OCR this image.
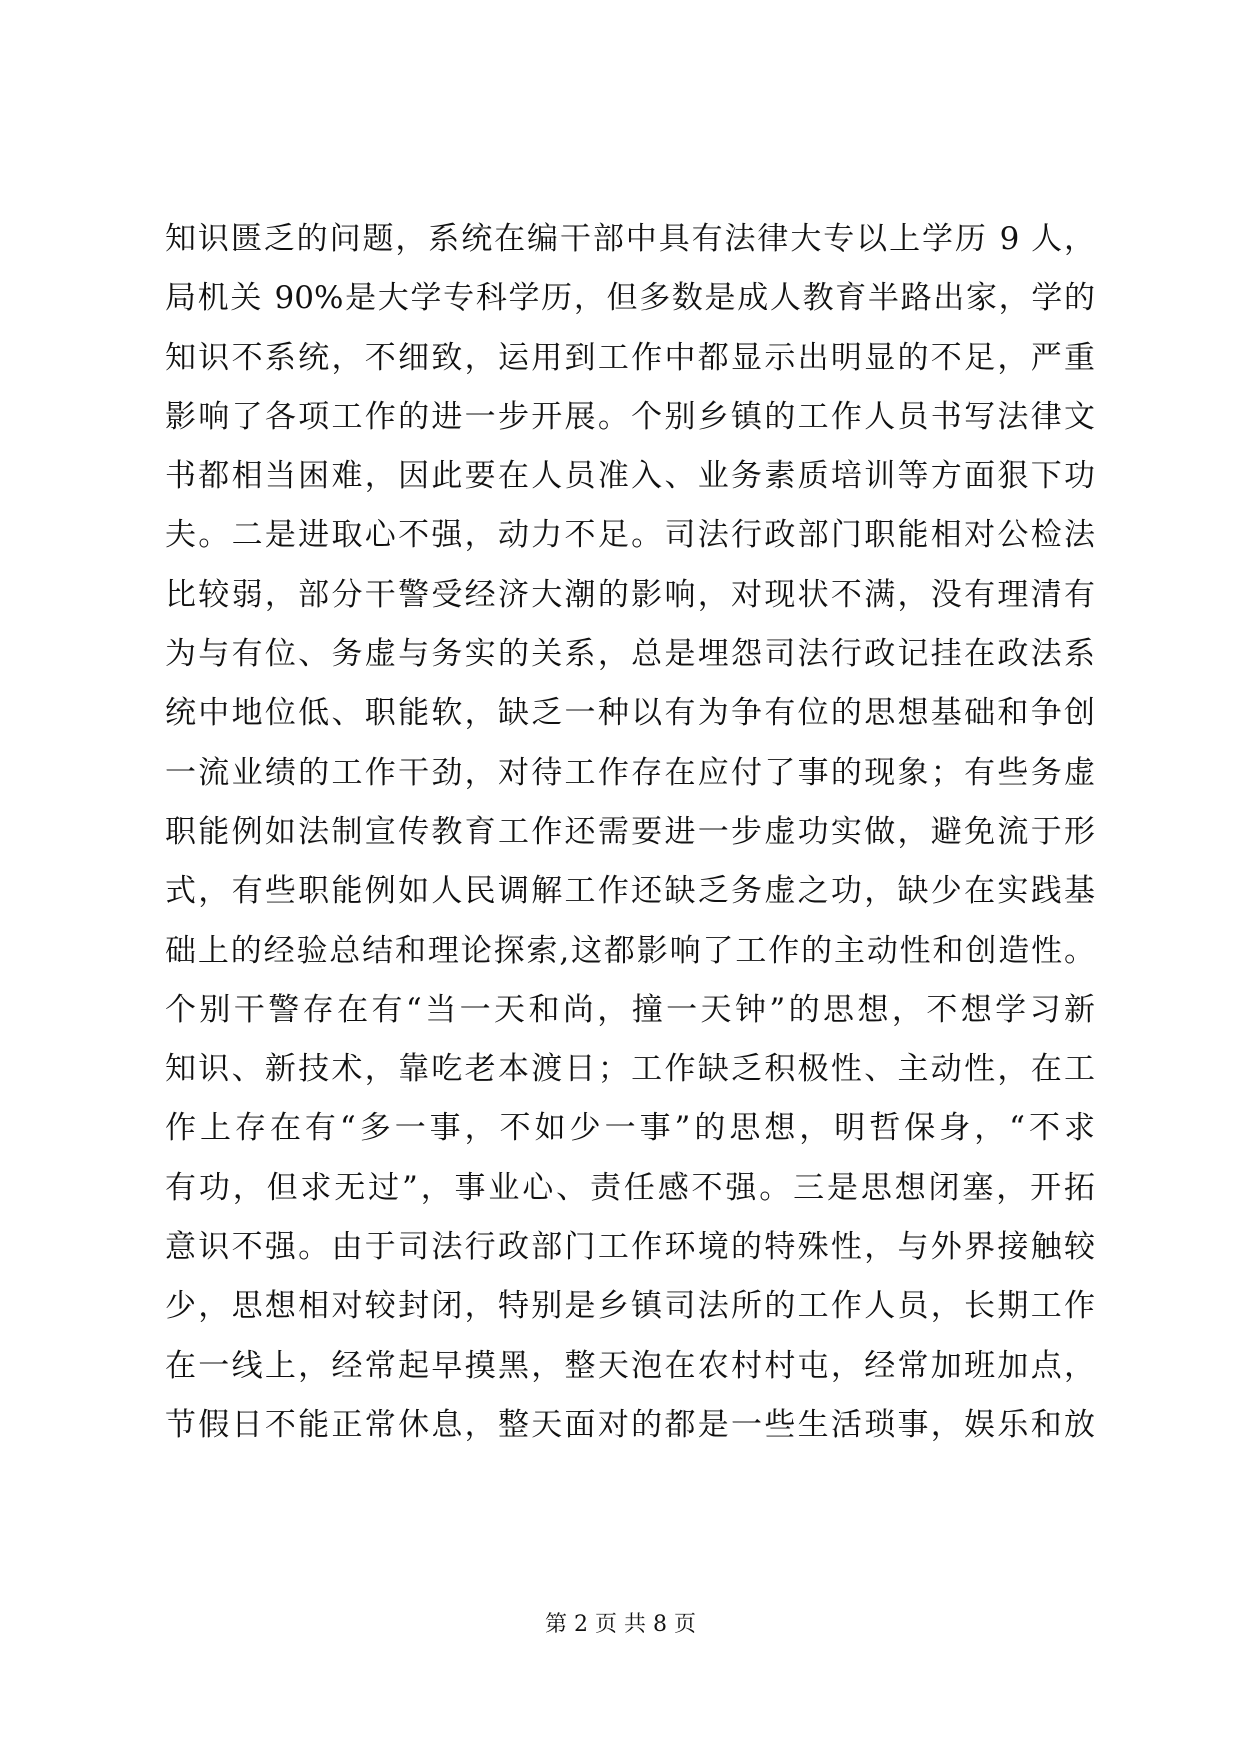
知识匮乏的问题，系统在编干部中具有法律大专以上学历 9 人，
局机关 90%是大学专科学历，但多数是成人教育半路出家，学的
知识不系统，不细致，运用到工作中都显示出明显的不足，严重
影响了各项工作的进一步开展。个别乡镇的工作人员书写法律文
书都相当困难，因此要在人员准入、业务素质培训等方面狠下功
夫。二是进取心不强，动力不足。司法行政部门职能相对公检法
比较弱，部分干警受经济大潮的影响，对现状不满，没有理清有
为与有位、务虚与务实的关系，总是埋怨司法行政记挂在政法系
统中地位低、职能软，缺乏一种以有为争有位的思想基础和争创
一流业绩的工作干劲，对待工作存在应付了事的现象；有些务虚
职能例如法制宣传教育工作还需要进一步虚功实做，避免流于形
式，有些职能例如人民调解工作还缺乏务虚之功，缺少在实践基
础上的经验总结和理论探索,这都影响了工作的主动性和创造性。
个别干警存在有“当一天和尚，撞一天钟”的思想，不想学习新
知识、新技术，靠吃老本渡日；工作缺乏积极性、主动性，在工
作上存在有“多一事，不如少一事”的思想，明哲保身，“不求
有功，但求无过”，事业心、责任感不强。三是思想闭塞，开拓
意识不强。由于司法行政部门工作环境的特殊性，与外界接触较
少，思想相对较封闭，特别是乡镇司法所的工作人员，长期工作
在一线上，经常起早摸黑，整天泡在农村村屯，经常加班加点，
节假日不能正常休息，整天面对的都是一些生活琐事，娱乐和放
第 2 页 共 8 页
